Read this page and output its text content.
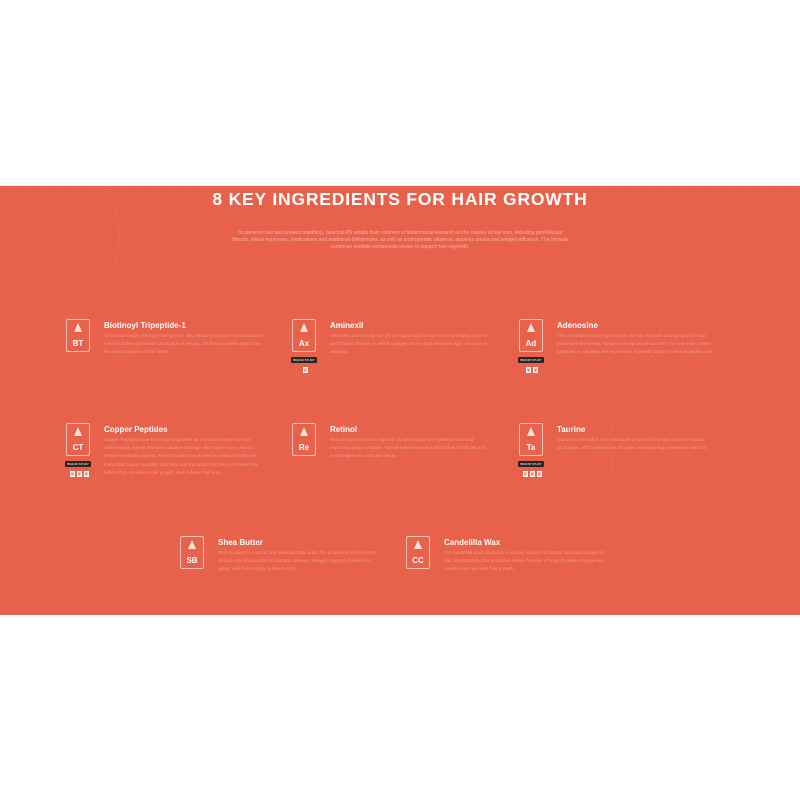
8 KEY INGREDIENTS FOR HAIR GROWTH

To preserve hair and prevent shedding, Spectral RS results from volumes of biotechnical research on the causes of hair loss, including perifollicular fibrosis, stress hormones, medications and nutritional deficiencies, as well as androgenetic alopecia, alopecia areata and telogen effluvium. The formula combines multiple compounds known to support hair regrowth.

BT
Biotinoyl Tripeptide-1
To activate longer, stronger hair growth, this peptide promotes microcirculation in hair follicles and boosts production of keratin, the fibrous protein that forms the chemical basis of hair fibers.
Ax
BRAND STUDY
1
Aminexil
Minimizes hair density loss by strengthening the hair root and helping prevent perifollicular fibrosis, in which collagen at the roots becomes rigid, common in alopecia.
Ad
BRAND STUDY
2	3
Adenosine
This anti-inflammatory agent works for hair regrowth through biochemical processes like energy transfer and signal transduction. To treat male pattern baldness, it regulates the expression of growth factors in dermal papilla cells.
CT
BRAND STUDY
4	5	6
Copper Peptides
Copper Peptides have two major properties as it provides protective and inflammatory agents that limit oxidative damage after tissue injury, and it's tissue remodeling agents. Several studies conducted by research institutes found that copper peptides improved hair transplant success, increased hair follicle size, stimulated hair growth, and reduced hair loss.
Re
Retinol
Retinoids promote hair regrowth by developing new epithelial cells and improving scalp condition. Topical retinol increases blood flow to follicles and encourages new vascular tissue.
Ta
BRAND STUDY
7	8	9
Taurine
Taurine is the body's most abundant amino acid. It helps promote keratin production, which makes hair stronger and helps stop premature hair loss.
SB
Shea Butter
Rich in vitamins A and E and essential fatty acids, the properties of this extract include anti-inflammation to mitigate damage, collagen support to minimize aging, and moisturizing to reduce frizz.
CC
Candelilla Wax
The candelilla plant produces a natural, nutrient-rich butter absorbed easily into hair, strengthening the protective barrier function of scalp to retain endogenous moisture and promote hair growth.
